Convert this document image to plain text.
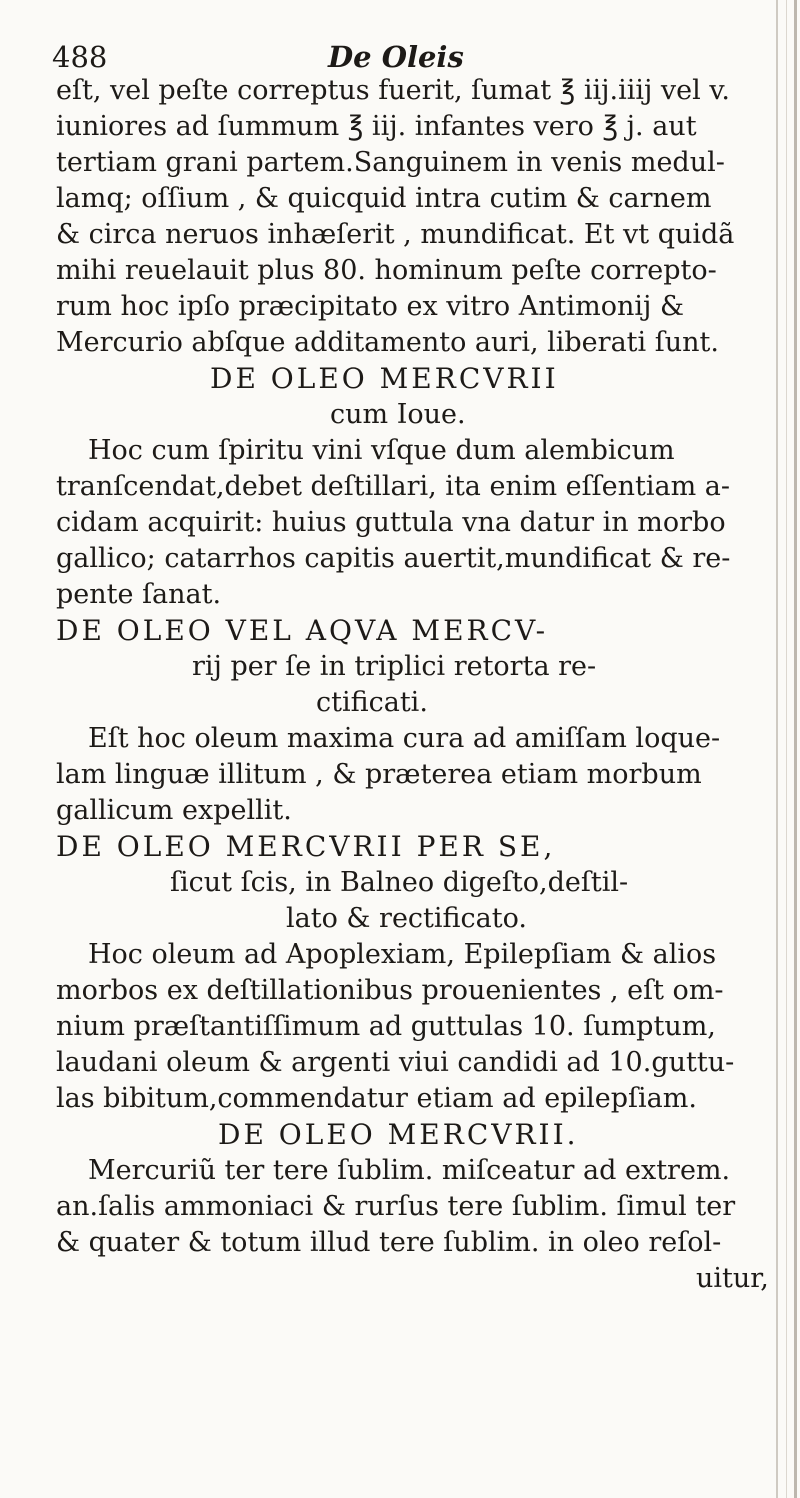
488	De Oleis
eſt, vel peſte correptus fuerit, ſumat ℥ iij.iiij vel v.
iuniores ad ſummum ℥ iij. infantes vero ℥ j. aut
tertiam grani partem.Sanguinem in venis medul-
lamq; oſſium , & quicquid intra cutim & carnem
& circa neruos inhæſerit , mundificat. Et vt quidã
mihi reuelauit plus 80. hominum peſte correpto-
rum hoc ipſo præcipitato ex vitro Antimonij &
Mercurio abſque additamento auri, liberati ſunt.
DE OLEO MERCVRII
cum Ioue.
Hoc cum ſpiritu vini vſque dum alembicum
tranſcendat,debet deſtillari, ita enim eſſentiam a-
cidam acquirit: huius guttula vna datur in morbo
gallico; catarrhos capitis auertit,mundificat & re-
pente ſanat.
DE OLEO VEL AQVA MERCV-
rij per ſe in triplici retorta re-
ctificati.
Eſt hoc oleum maxima cura ad amiſſam loque-
lam linguæ illitum , & præterea etiam morbum
gallicum expellit.
DE OLEO MERCVRII PER SE,
ſicut ſcis, in Balneo digeſto,deſtil-
lato & rectificato.
Hoc oleum ad Apoplexiam, Epilepſiam & alios
morbos ex deſtillationibus prouenientes , eſt om-
nium præſtantiſſimum ad guttulas 10. ſumptum,
laudani oleum & argenti viui candidi ad 10.guttu-
las bibitum,commendatur etiam ad epilepſiam.
DE OLEO MERCVRII.
Mercuriũ ter tere ſublim. miſceatur ad extrem.
an.ſalis ammoniaci & rurſus tere ſublim. ſimul ter
& quater & totum illud tere ſublim. in oleo reſol-
uitur,
